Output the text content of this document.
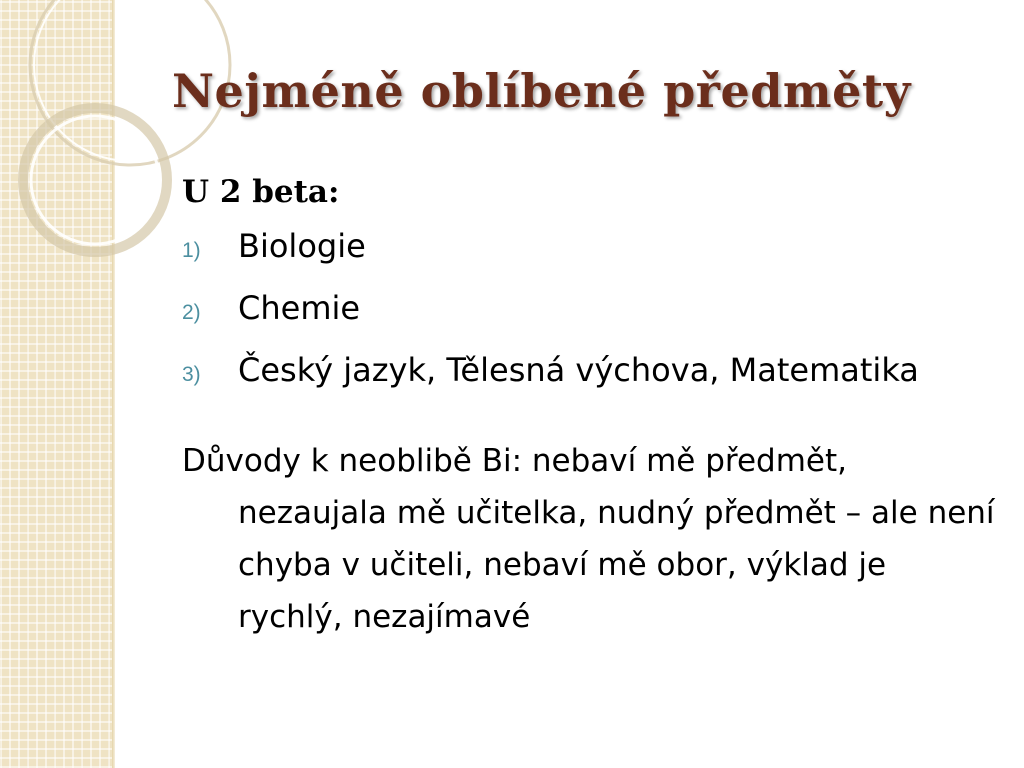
Nejméně oblíbené předměty
U 2 beta:
1)	Biologie
2)	Chemie
3)	Český jazyk, Tělesná výchova, Matematika
Důvody k neoblibě Bi: nebaví mě předmět, nezaujala mě učitelka, nudný předmět – ale není chyba v učiteli, nebaví mě obor, výklad je rychlý, nezajímavé
